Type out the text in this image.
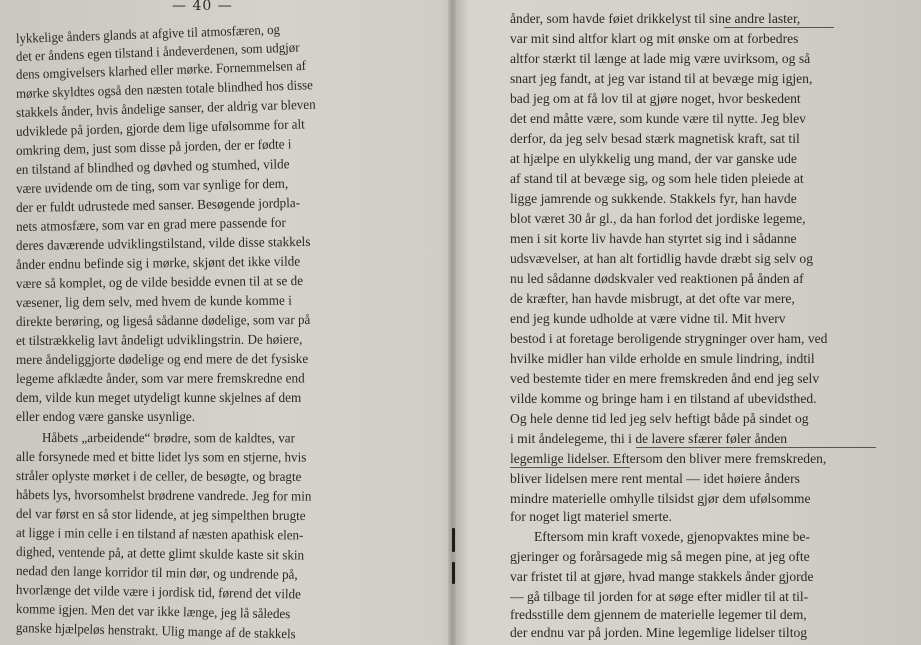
— 40 —
lykkelige ånders glands at afgive til atmosfæren, og
det er åndens egen tilstand i åndeverdenen, som udgjør
dens omgivelsers klarhed eller mørke. Fornemmelsen af
mørke skyldtes også den næsten totale blindhed hos disse
stakkels ånder, hvis åndelige sanser, der aldrig var bleven
udviklede på jorden, gjorde dem lige ufølsomme for alt
omkring dem, just som disse på jorden, der er fødte i
en tilstand af blindhed og døvhed og stumhed, vilde
være uvidende om de ting, som var synlige for dem,
der er fuldt udrustede med sanser. Besøgende jordpla-
nets atmosfære, som var en grad mere passende for
deres daværende udviklingstilstand, vilde disse stakkels
ånder endnu befinde sig i mørke, skjønt det ikke vilde
være så komplet, og de vilde besidde evnen til at se de
væsener, lig dem selv, med hvem de kunde komme i
direkte berøring, og ligeså sådanne dødelige, som var på
et tilstrækkelig lavt åndeligt udviklingstrin. De høiere,
mere åndeliggjorte dødelige og end mere de det fysiske
legeme afklædte ånder, som var mere fremskredne end
dem, vilde kun meget utydeligt kunne skjelnes af dem
eller endog være ganske usynlige.
Håbets „arbeidende“ brødre, som de kaldtes, var
alle forsynede med et bitte lidet lys som en stjerne, hvis
stråler oplyste mørket i de celler, de besøgte, og bragte
håbets lys, hvorsomhelst brødrene vandrede. Jeg for min
del var først en så stor lidende, at jeg simpelthen brugte
at ligge i min celle i en tilstand af næsten apathisk elen-
dighed, ventende på, at dette glimt skulde kaste sit skin
nedad den lange korridor til min dør, og undrende på,
hvorlænge det vilde være i jordisk tid, førend det vilde
komme igjen. Men det var ikke længe, jeg lå således
ganske hjælpeløs henstrakt. Ulig mange af de stakkels
ånder, som havde føiet drikkelyst til sine andre laster,
var mit sind altfor klart og mit ønske om at forbedres
altfor stærkt til længe at lade mig være uvirksom, og så
snart jeg fandt, at jeg var istand til at bevæge mig igjen,
bad jeg om at få lov til at gjøre noget, hvor beskedent
det end måtte være, som kunde være til nytte. Jeg blev
derfor, da jeg selv besad stærk magnetisk kraft, sat til
at hjælpe en ulykkelig ung mand, der var ganske ude
af stand til at bevæge sig, og som hele tiden pleiede at
ligge jamrende og sukkende. Stakkels fyr, han havde
blot været 30 år gl., da han forlod det jordiske legeme,
men i sit korte liv havde han styrtet sig ind i sådanne
udsvævelser, at han alt fortidlig havde dræbt sig selv og
nu led sådanne dødskvaler ved reaktionen på ånden af
de kræfter, han havde misbrugt, at det ofte var mere,
end jeg kunde udholde at være vidne til. Mit hverv
bestod i at foretage beroligende strygninger over ham, ved
hvilke midler han vilde erholde en smule lindring, indtil
ved bestemte tider en mere fremskreden ånd end jeg selv
vilde komme og bringe ham i en tilstand af ubevidsthed.
Og hele denne tid led jeg selv heftigt både på sindet og
i mit åndelegeme, thi i de lavere sfærer føler ånden
legemlige lidelser. Eftersom den bliver mere fremskreden,
bliver lidelsen mere rent mental — idet høiere ånders
mindre materielle omhylle tilsidst gjør dem ufølsomme
for noget ligt materiel smerte.
Eftersom min kraft voxede, gjenopvaktes mine be-
gjeringer og forårsagede mig så megen pine, at jeg ofte
var fristet til at gjøre, hvad mange stakkels ånder gjorde
— gå tilbage til jorden for at søge efter midler til at til-
fredsstille dem gjennem de materielle legemer til dem,
der endnu var på jorden. Mine legemlige lidelser tiltog
